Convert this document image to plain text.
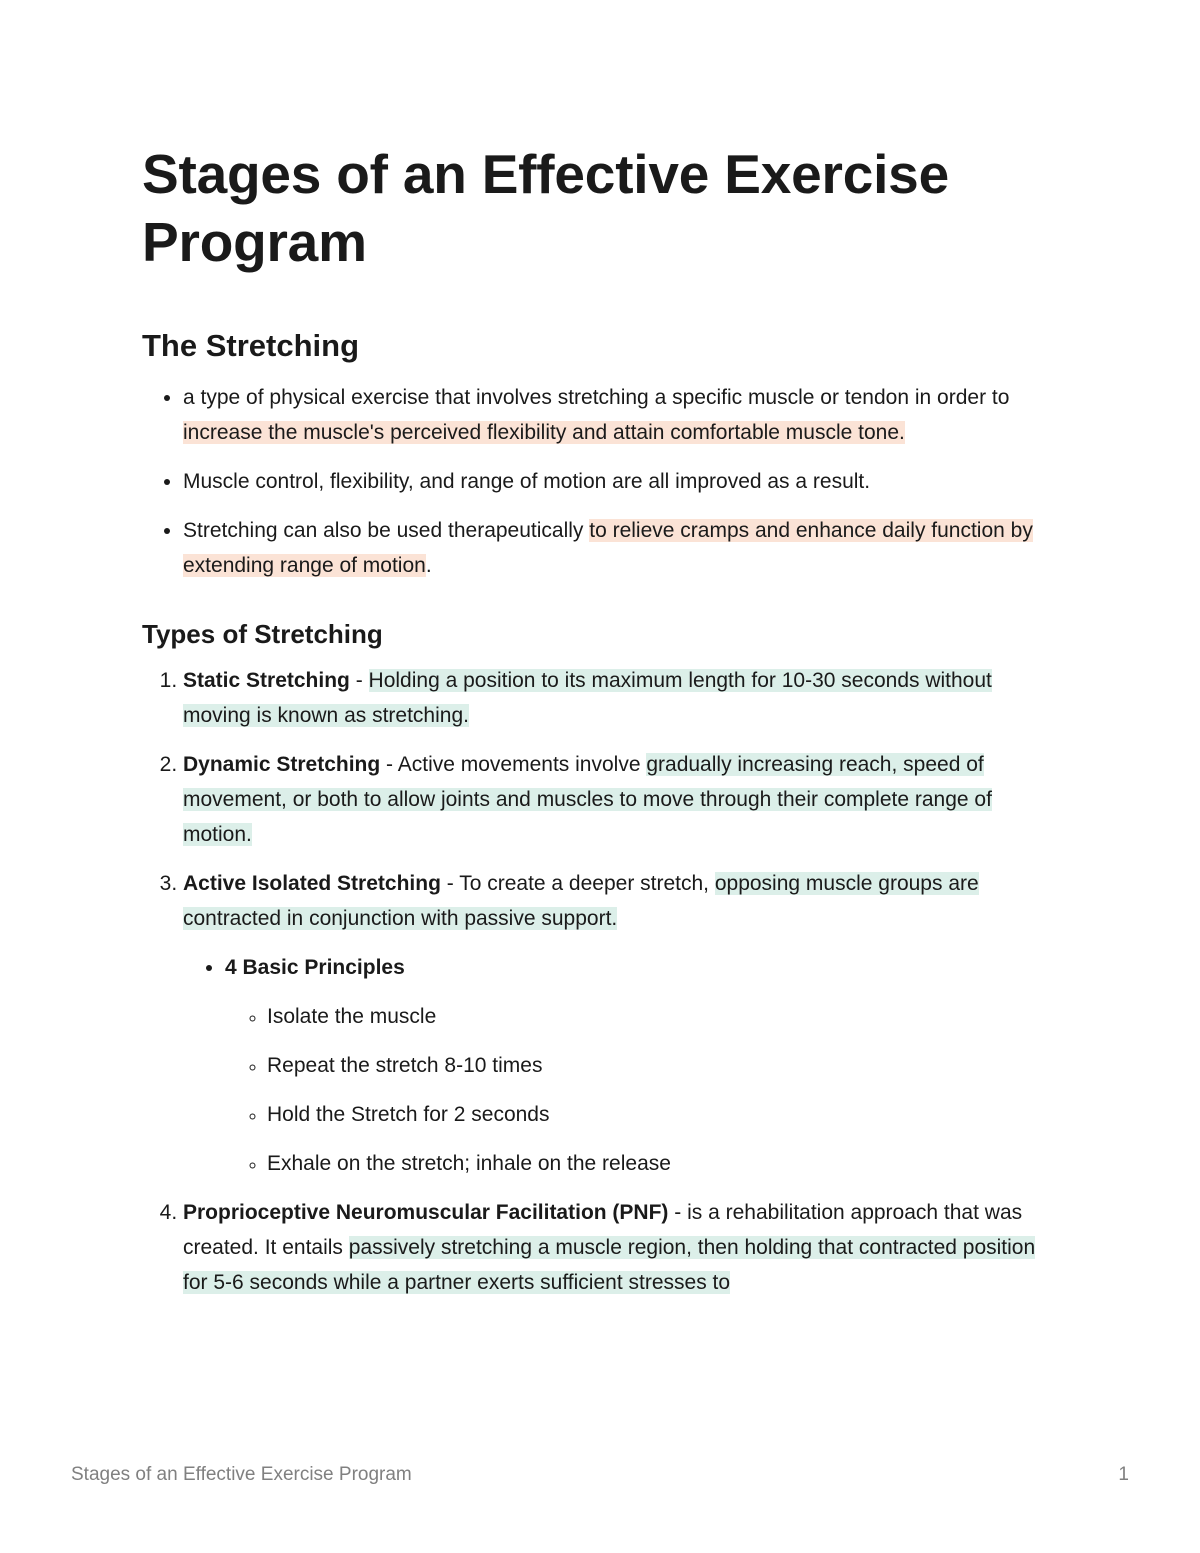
Stages of an Effective Exercise Program
The Stretching
• a type of physical exercise that involves stretching a specific muscle or tendon in order to increase the muscle's perceived flexibility and attain comfortable muscle tone.
• Muscle control, flexibility, and range of motion are all improved as a result.
• Stretching can also be used therapeutically to relieve cramps and enhance daily function by extending range of motion.
Types of Stretching
1. Static Stretching - Holding a position to its maximum length for 10-30 seconds without moving is known as stretching.
2. Dynamic Stretching - Active movements involve gradually increasing reach, speed of movement, or both to allow joints and muscles to move through their complete range of motion.
3. Active Isolated Stretching - To create a deeper stretch, opposing muscle groups are contracted in conjunction with passive support.
• 4 Basic Principles
◦ Isolate the muscle
◦ Repeat the stretch 8-10 times
◦ Hold the Stretch for 2 seconds
◦ Exhale on the stretch; inhale on the release
4. Proprioceptive Neuromuscular Facilitation (PNF) - is a rehabilitation approach that was created. It entails passively stretching a muscle region, then holding that contracted position for 5-6 seconds while a partner exerts sufficient stresses to
Stages of an Effective Exercise Program	1
